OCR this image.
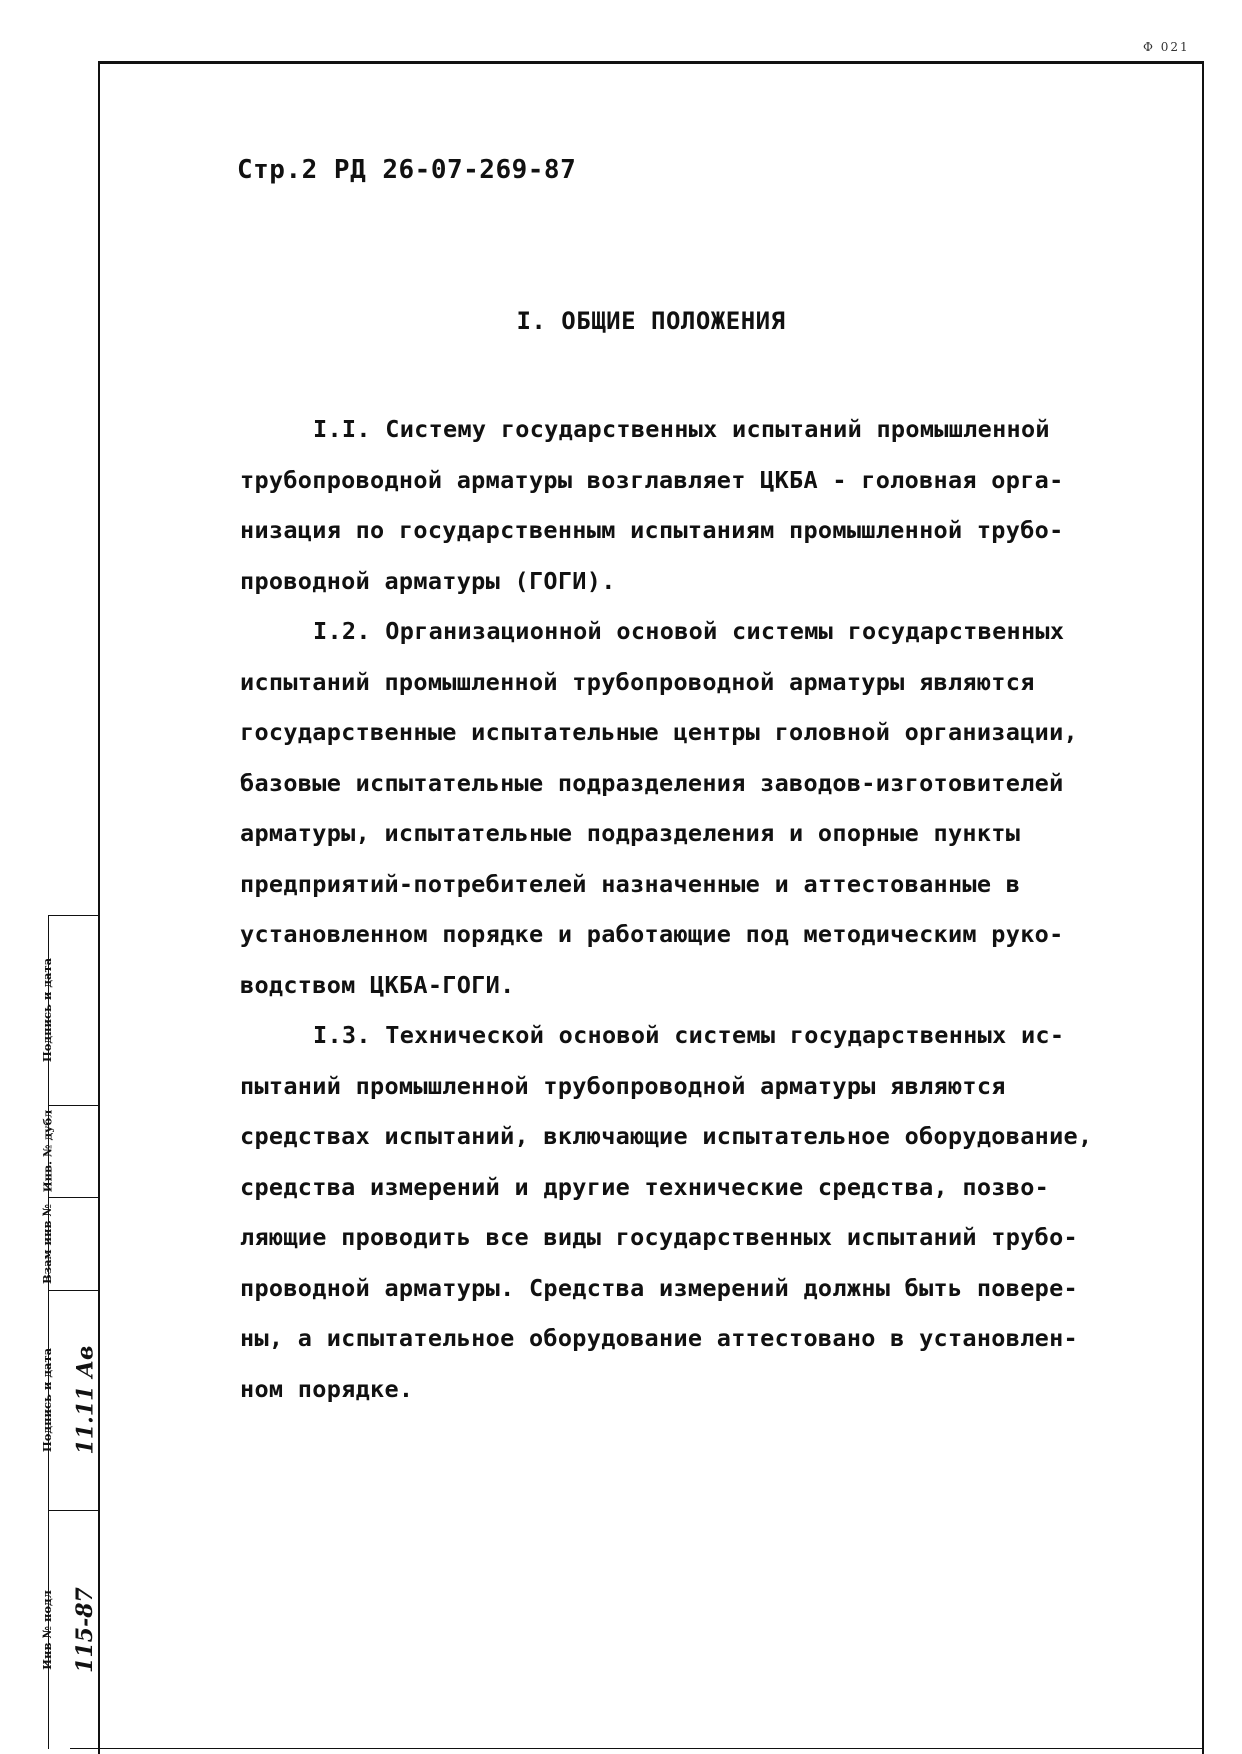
Ф 021
Стр.2 РД 26-07-269-87
I. ОБЩИЕ ПОЛОЖЕНИЯ
I.I. Систему государственных испытаний промышленной
трубопроводной арматуры возглавляет ЦКБА - головная орга-
низация по государственным испытаниям промышленной трубо-
проводной арматуры (ГОГИ).
I.2. Организационной основой системы государственных
испытаний промышленной трубопроводной арматуры являются
государственные испытательные центры головной организации,
базовые испытательные подразделения заводов-изготовителей
арматуры, испытательные подразделения и опорные пункты
предприятий-потребителей назначенные и аттестованные в
установленном порядке и работающие под методическим руко-
водством ЦКБА-ГОГИ.
I.3. Технической основой системы государственных ис-
пытаний промышленной трубопроводной арматуры являются
средствах испытаний, включающие испытательное оборудование,
средства измерений и другие технические средства, позво-
ляющие проводить все виды государственных испытаний трубо-
проводной арматуры. Средства измерений должны быть повере-
ны, а испытательное оборудование аттестовано в установлен-
ном порядке.
Подпись и дата
Инв. № дубл
Взам инв №
Подпись и дата
Инв № подл
11.11 Ав
115-87
